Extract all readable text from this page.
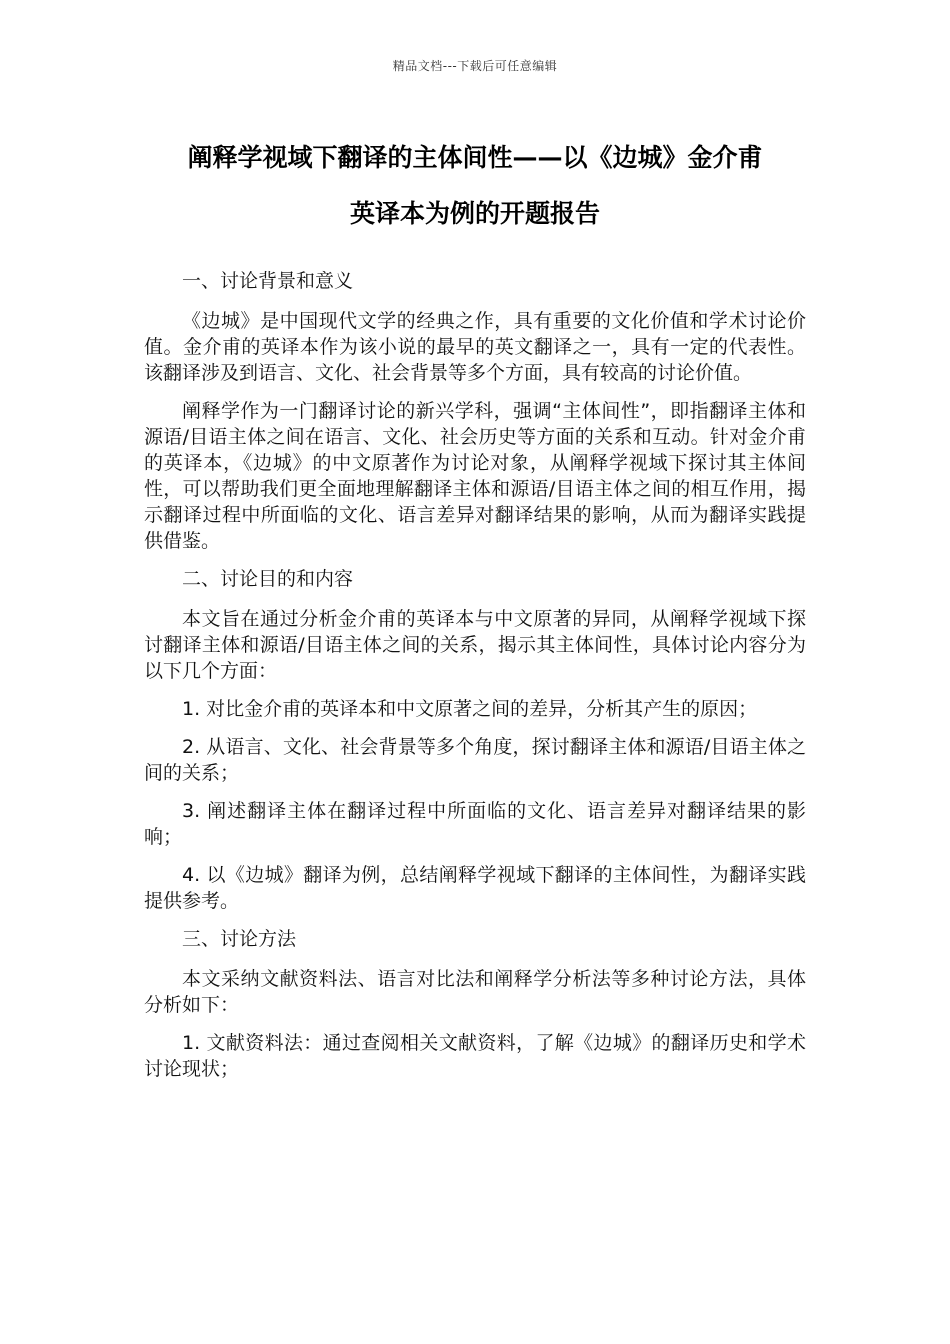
精品文档---下载后可任意编辑
阐释学视域下翻译的主体间性——以《边城》金介甫
英译本为例的开题报告

一、讨论背景和意义

《边城》是中国现代文学的经典之作，具有重要的文化价值和学术讨论价值。金介甫的英译本作为该小说的最早的英文翻译之一，具有一定的代表性。该翻译涉及到语言、文化、社会背景等多个方面，具有较高的讨论价值。

阐释学作为一门翻译讨论的新兴学科，强调“主体间性”，即指翻译主体和源语/目语主体之间在语言、文化、社会历史等方面的关系和互动。针对金介甫的英译本，《边城》的中文原著作为讨论对象，从阐释学视域下探讨其主体间性，可以帮助我们更全面地理解翻译主体和源语/目语主体之间的相互作用，揭示翻译过程中所面临的文化、语言差异对翻译结果的影响，从而为翻译实践提供借鉴。

二、讨论目的和内容

本文旨在通过分析金介甫的英译本与中文原著的异同，从阐释学视域下探讨翻译主体和源语/目语主体之间的关系，揭示其主体间性，具体讨论内容分为以下几个方面：

1. 对比金介甫的英译本和中文原著之间的差异，分析其产生的原因；

2. 从语言、文化、社会背景等多个角度，探讨翻译主体和源语/目语主体之间的关系；

3. 阐述翻译主体在翻译过程中所面临的文化、语言差异对翻译结果的影响；

4. 以《边城》翻译为例，总结阐释学视域下翻译的主体间性，为翻译实践提供参考。

三、讨论方法

本文采纳文献资料法、语言对比法和阐释学分析法等多种讨论方法，具体分析如下：

1. 文献资料法：通过查阅相关文献资料，了解《边城》的翻译历史和学术讨论现状；
